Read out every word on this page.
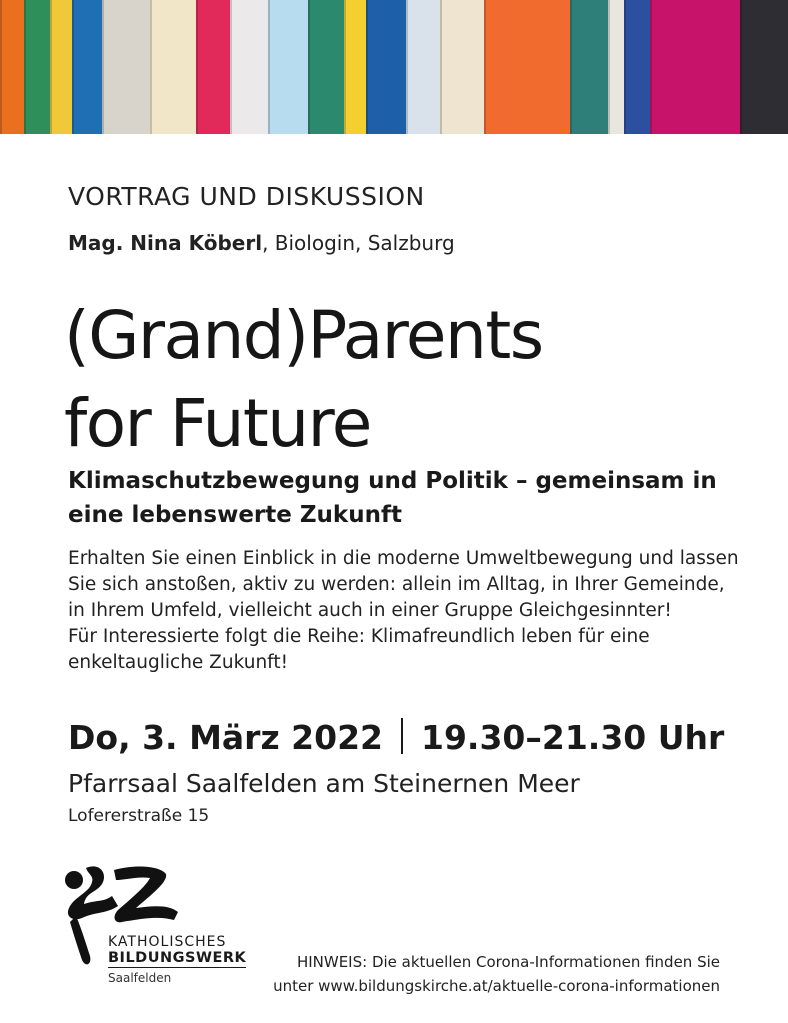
VORTRAG UND DISKUSSION
Mag. Nina Köberl, Biologin, Salzburg
(Grand)Parents
for Future
Klimaschutzbewegung und Politik – gemeinsam in eine lebenswerte Zukunft
Erhalten Sie einen Einblick in die moderne Umweltbewegung und lassen
Sie sich anstoßen, aktiv zu werden: allein im Alltag, in Ihrer Gemeinde,
in Ihrem Umfeld, vielleicht auch in einer Gruppe Gleichgesinnter!
Für Interessierte folgt die Reihe: Klimafreundlich leben für eine
enkeltaugliche Zukunft!
Do, 3. März 2022 19.30–21.30 Uhr
Pfarrsaal Saalfelden am Steinernen Meer
Lofererstraße 15
KATHOLISCHES
BILDUNGSWERK
Saalfelden
HINWEIS: Die aktuellen Corona-Informationen finden Sie
unter www.bildungskirche.at/aktuelle-corona-informationen
